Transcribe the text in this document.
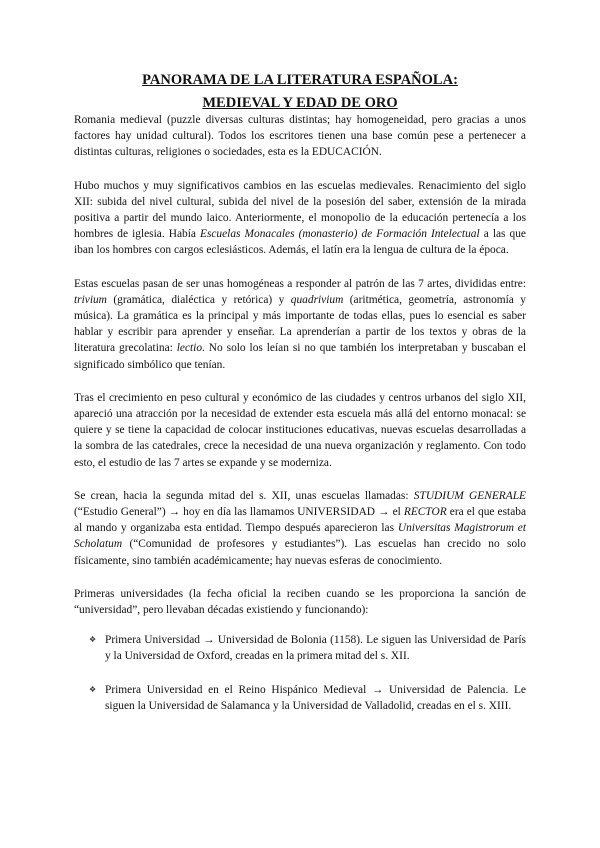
PANORAMA DE LA LITERATURA ESPAÑOLA:
MEDIEVAL Y EDAD DE ORO

Romania medieval (puzzle diversas culturas distintas; hay homogeneidad, pero gracias a unos factores hay unidad cultural). Todos los escritores tienen una base común pese a pertenecer a distintas culturas, religiones o sociedades, esta es la EDUCACIÓN.

Hubo muchos y muy significativos cambios en las escuelas medievales. Renacimiento del siglo XII: subida del nivel cultural, subida del nivel de la posesión del saber, extensión de la mirada positiva a partir del mundo laico. Anteriormente, el monopolio de la educación pertenecía a los hombres de iglesia. Había Escuelas Monacales (monasterio) de Formación Intelectual a las que iban los hombres con cargos eclesiásticos. Además, el latín era la lengua de cultura de la época.

Estas escuelas pasan de ser unas homogéneas a responder al patrón de las 7 artes, divididas entre: trivium (gramática, dialéctica y retórica) y quadrivium (aritmética, geometría, astronomía y música). La gramática es la principal y más importante de todas ellas, pues lo esencial es saber hablar y escribir para aprender y enseñar. La aprenderían a partir de los textos y obras de la literatura grecolatina: lectio. No solo los leían si no que también los interpretaban y buscaban el significado simbólico que tenían.

Tras el crecimiento en peso cultural y económico de las ciudades y centros urbanos del siglo XII, apareció una atracción por la necesidad de extender esta escuela más allá del entorno monacal: se quiere y se tiene la capacidad de colocar instituciones educativas, nuevas escuelas desarrolladas a la sombra de las catedrales, crece la necesidad de una nueva organización y reglamento. Con todo esto, el estudio de las 7 artes se expande y se moderniza.

Se crean, hacia la segunda mitad del s. XII, unas escuelas llamadas: STUDIUM GENERALE (“Estudio General”) → hoy en día las llamamos UNIVERSIDAD → el RECTOR era el que estaba al mando y organizaba esta entidad. Tiempo después aparecieron las Universitas Magistrorum et Scholatum (“Comunidad de profesores y estudiantes”). Las escuelas han crecido no solo físicamente, sino también académicamente; hay nuevas esferas de conocimiento.

Primeras universidades (la fecha oficial la reciben cuando se les proporciona la sanción de “universidad”, pero llevaban décadas existiendo y funcionando):

❖ Primera Universidad → Universidad de Bolonia (1158). Le siguen las Universidad de París y la Universidad de Oxford, creadas en la primera mitad del s. XII.
❖ Primera Universidad en el Reino Hispánico Medieval → Universidad de Palencia. Le siguen la Universidad de Salamanca y la Universidad de Valladolid, creadas en el s. XIII.
